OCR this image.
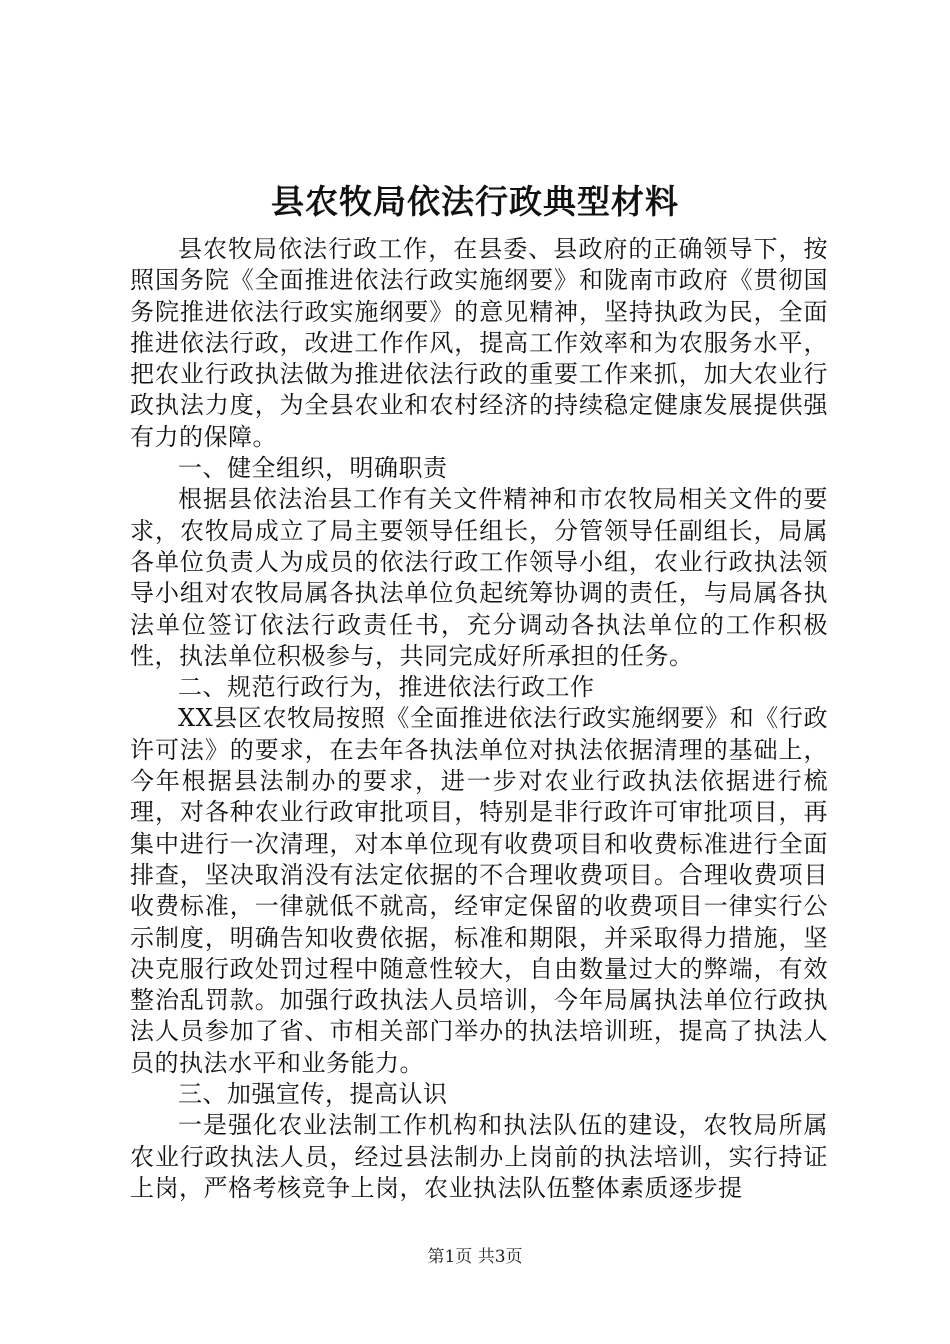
县农牧局依法行政典型材料

县农牧局依法行政工作，在县委、县政府的正确领导下，按照国务院《全面推进依法行政实施纲要》和陇南市政府《贯彻国务院推进依法行政实施纲要》的意见精神，坚持执政为民，全面推进依法行政，改进工作作风，提高工作效率和为农服务水平，把农业行政执法做为推进依法行政的重要工作来抓，加大农业行政执法力度，为全县农业和农村经济的持续稳定健康发展提供强有力的保障。

一、健全组织，明确职责

根据县依法治县工作有关文件精神和市农牧局相关文件的要求，农牧局成立了局主要领导任组长，分管领导任副组长，局属各单位负责人为成员的依法行政工作领导小组，农业行政执法领导小组对农牧局属各执法单位负起统筹协调的责任，与局属各执法单位签订依法行政责任书，充分调动各执法单位的工作积极性，执法单位积极参与，共同完成好所承担的任务。

二、规范行政行为，推进依法行政工作

XX县区农牧局按照《全面推进依法行政实施纲要》和《行政许可法》的要求，在去年各执法单位对执法依据清理的基础上，今年根据县法制办的要求，进一步对农业行政执法依据进行梳理，对各种农业行政审批项目，特别是非行政许可审批项目，再集中进行一次清理，对本单位现有收费项目和收费标准进行全面排查，坚决取消没有法定依据的不合理收费项目。合理收费项目收费标准，一律就低不就高，经审定保留的收费项目一律实行公示制度，明确告知收费依据，标准和期限，并采取得力措施，坚决克服行政处罚过程中随意性较大，自由数量过大的弊端，有效整治乱罚款。加强行政执法人员培训，今年局属执法单位行政执法人员参加了省、市相关部门举办的执法培训班，提高了执法人员的执法水平和业务能力。

三、加强宣传，提高认识

一是强化农业法制工作机构和执法队伍的建设，农牧局所属农业行政执法人员，经过县法制办上岗前的执法培训，实行持证上岗，严格考核竞争上岗，农业执法队伍整体素质逐步提

第1页 共3页
